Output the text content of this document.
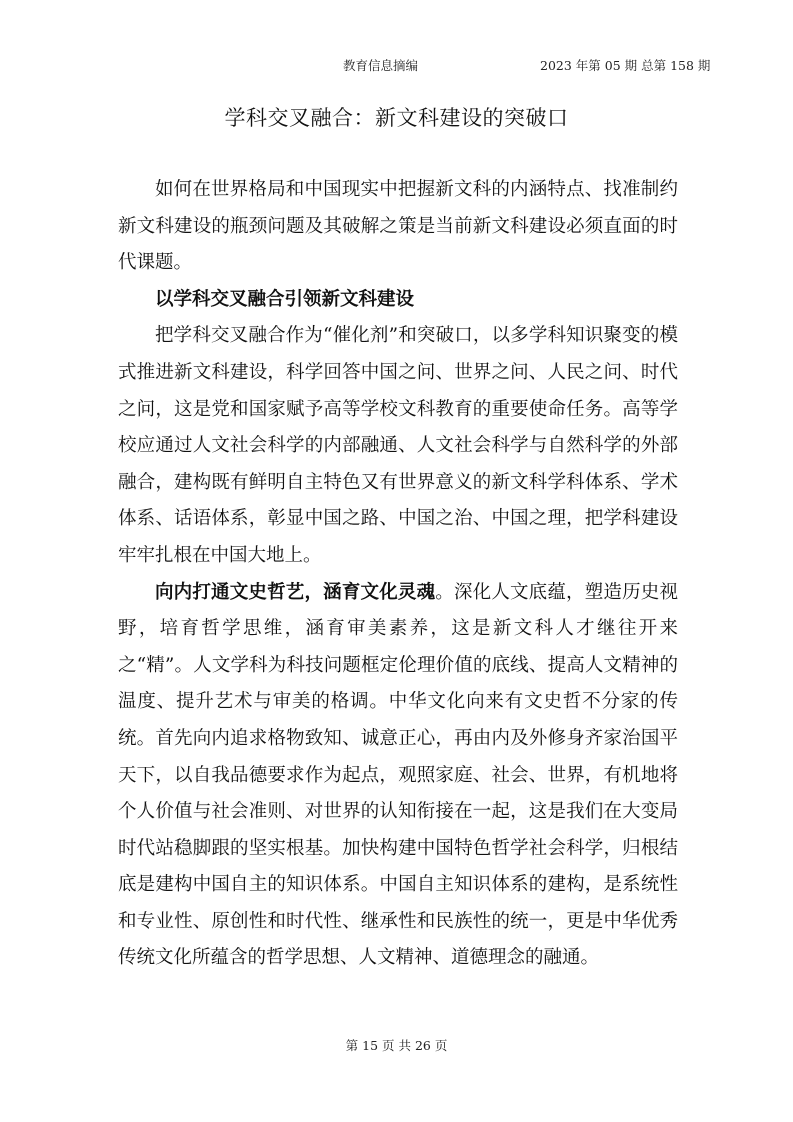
教育信息摘编	2023 年第 05 期 总第 158 期
学科交叉融合：新文科建设的突破口

如何在世界格局和中国现实中把握新文科的内涵特点、找准制约新文科建设的瓶颈问题及其破解之策是当前新文科建设必须直面的时代课题。

以学科交叉融合引领新文科建设

把学科交叉融合作为“催化剂”和突破口，以多学科知识聚变的模式推进新文科建设，科学回答中国之问、世界之问、人民之问、时代之问，这是党和国家赋予高等学校文科教育的重要使命任务。高等学校应通过人文社会科学的内部融通、人文社会科学与自然科学的外部融合，建构既有鲜明自主特色又有世界意义的新文科学科体系、学术体系、话语体系，彰显中国之路、中国之治、中国之理，把学科建设牢牢扎根在中国大地上。

向内打通文史哲艺，涵育文化灵魂。深化人文底蕴，塑造历史视野，培育哲学思维，涵育审美素养，这是新文科人才继往开来之“精”。人文学科为科技问题框定伦理价值的底线、提高人文精神的温度、提升艺术与审美的格调。中华文化向来有文史哲不分家的传统。首先向内追求格物致知、诚意正心，再由内及外修身齐家治国平天下，以自我品德要求作为起点，观照家庭、社会、世界，有机地将个人价值与社会准则、对世界的认知衔接在一起，这是我们在大变局时代站稳脚跟的坚实根基。加快构建中国特色哲学社会科学，归根结底是建构中国自主的知识体系。中国自主知识体系的建构，是系统性和专业性、原创性和时代性、继承性和民族性的统一，更是中华优秀传统文化所蕴含的哲学思想、人文精神、道德理念的融通。

第 15 页 共 26 页
